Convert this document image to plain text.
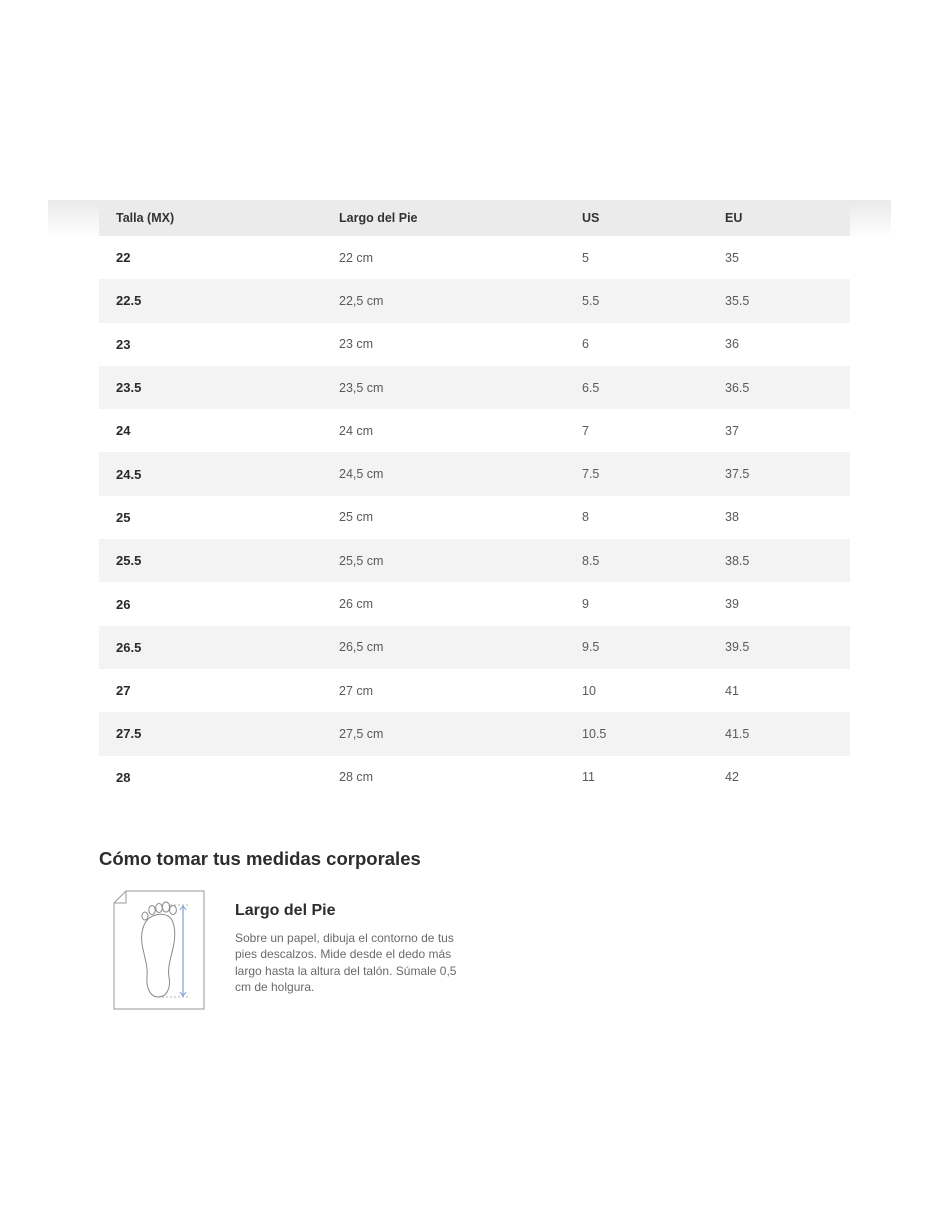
Talla (MX)	Largo del Pie	US	EU
22	22 cm	5	35
22.5	22,5 cm	5.5	35.5
23	23 cm	6	36
23.5	23,5 cm	6.5	36.5
24	24 cm	7	37
24.5	24,5 cm	7.5	37.5
25	25 cm	8	38
25.5	25,5 cm	8.5	38.5
26	26 cm	9	39
26.5	26,5 cm	9.5	39.5
27	27 cm	10	41
27.5	27,5 cm	10.5	41.5
28	28 cm	11	42
Cómo tomar tus medidas corporales
Largo del Pie

Sobre un papel, dibuja el contorno de tus pies descalzos. Mide desde el dedo más largo hasta la altura del talón. Súmale 0,5 cm de holgura.
